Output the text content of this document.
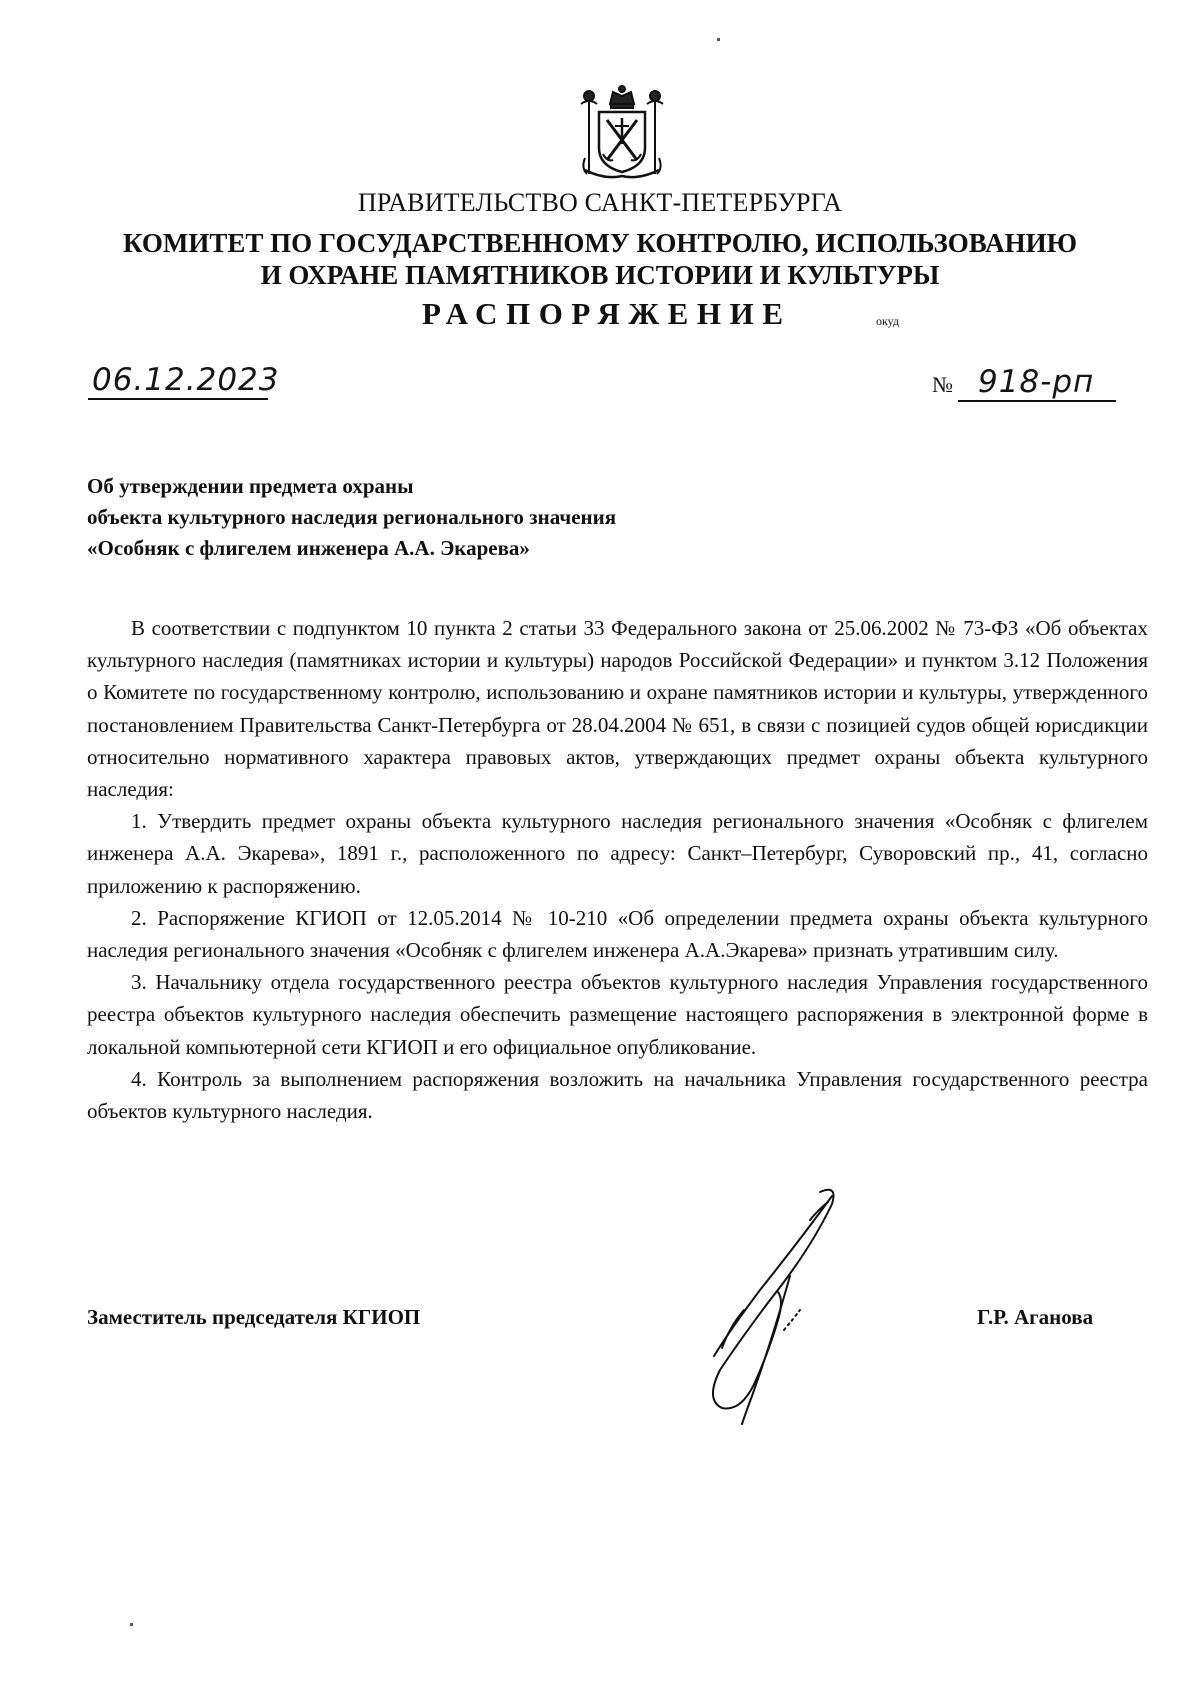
ПРАВИТЕЛЬСТВО САНКТ-ПЕТЕРБУРГА
КОМИТЕТ ПО ГОСУДАРСТВЕННОМУ КОНТРОЛЮ, ИСПОЛЬЗОВАНИЮ
И ОХРАНЕ ПАМЯТНИКОВ ИСТОРИИ И КУЛЬТУРЫ
РАСПОРЯЖЕНИЕ	окуд
06.12.2023	№ 918-рп
Об утверждении предмета охраны
объекта культурного наследия регионального значения
«Особняк с флигелем инженера А.А. Экарева»

В соответствии с подпунктом 10 пункта 2 статьи 33 Федерального закона от 25.06.2002 № 73-ФЗ «Об объектах культурного наследия (памятниках истории и культуры) народов Российской Федерации» и пунктом 3.12 Положения о Комитете по государственному контролю, использованию и охране памятников истории и культуры, утвержденного постановлением Правительства Санкт-Петербурга от 28.04.2004 № 651, в связи с позицией судов общей юрисдикции относительно нормативного характера правовых актов, утверждающих предмет охраны объекта культурного наследия:

1. Утвердить предмет охраны объекта культурного наследия регионального значения «Особняк с флигелем инженера А.А. Экарева», 1891 г., расположенного по адресу: Санкт–Петербург, Суворовский пр., 41, согласно приложению к распоряжению.

2. Распоряжение КГИОП от 12.05.2014 № 10-210 «Об определении предмета охраны объекта культурного наследия регионального значения «Особняк с флигелем инженера А.А.Экарева» признать утратившим силу.

3. Начальнику отдела государственного реестра объектов культурного наследия Управления государственного реестра объектов культурного наследия обеспечить размещение настоящего распоряжения в электронной форме в локальной компьютерной сети КГИОП и его официальное опубликование.

4. Контроль за выполнением распоряжения возложить на начальника Управления государственного реестра объектов культурного наследия.

Заместитель председателя КГИОП	Г.Р. Аганова
